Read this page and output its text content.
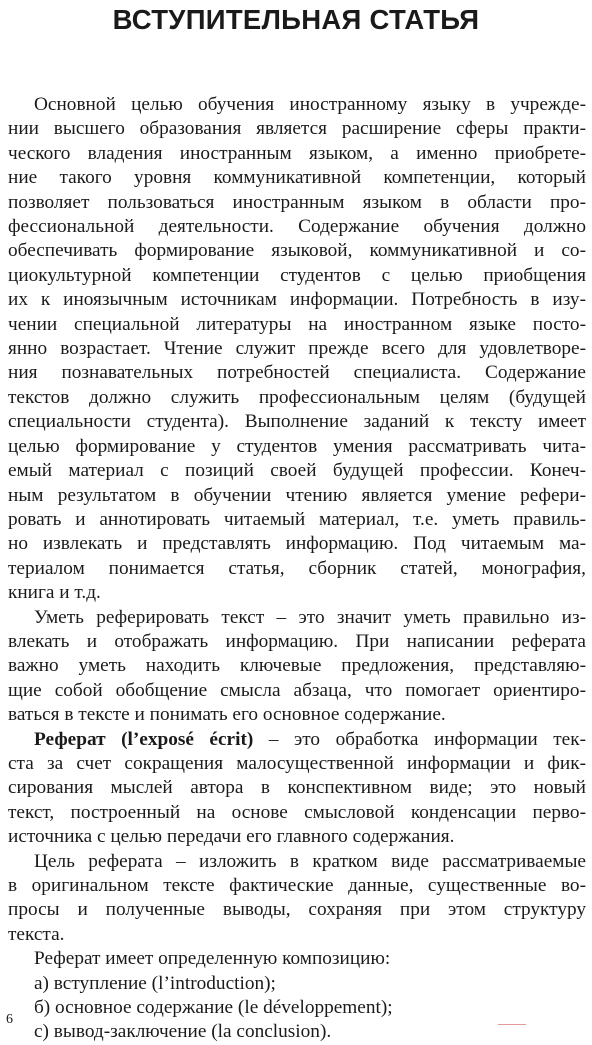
ВСТУПИТЕЛЬНАЯ СТАТЬЯ

Основной целью обучения иностранному языку в учрежде-
нии высшего образования является расширение сферы практи-
ческого владения иностранным языком, а именно приобрете-
ние такого уровня коммуникативной компетенции, который
позволяет пользоваться иностранным языком в области про-
фессиональной деятельности. Содержание обучения должно
обеспечивать формирование языковой, коммуникативной и со-
циокультурной компетенции студентов с целью приобщения
их к иноязычным источникам информации. Потребность в изу-
чении специальной литературы на иностранном языке посто-
янно возрастает. Чтение служит прежде всего для удовлетворе-
ния познавательных потребностей специалиста. Содержание
текстов должно служить профессиональным целям (будущей
специальности студента). Выполнение заданий к тексту имеет
целью формирование у студентов умения рассматривать чита-
емый материал с позиций своей будущей профессии. Конеч-
ным результатом в обучении чтению является умение рефери-
ровать и аннотировать читаемый материал, т.е. уметь правиль-
но извлекать и представлять информацию. Под читаемым ма-
териалом понимается статья, сборник статей, монография,
книга и т.д.

Уметь реферировать текст – это значит уметь правильно из-
влекать и отображать информацию. При написании реферата
важно уметь находить ключевые предложения, представляю-
щие собой обобщение смысла абзаца, что помогает ориентиро-
ваться в тексте и понимать его основное содержание.

Реферат (l’exposé écrit) – это обработка информации тек-
ста за счет сокращения малосущественной информации и фик-
сирования мыслей автора в конспективном виде; это новый
текст, построенный на основе смысловой конденсации перво-
источника с целью передачи его главного содержания.

Цель реферата – изложить в кратком виде рассматриваемые
в оригинальном тексте фактические данные, существенные во-
просы и полученные выводы, сохраняя при этом структуру
текста.

Реферат имеет определенную композицию:
а) вступление (l’introduction);
б) основное содержание (le développement);
с) вывод-заключение (la conclusion).

6
